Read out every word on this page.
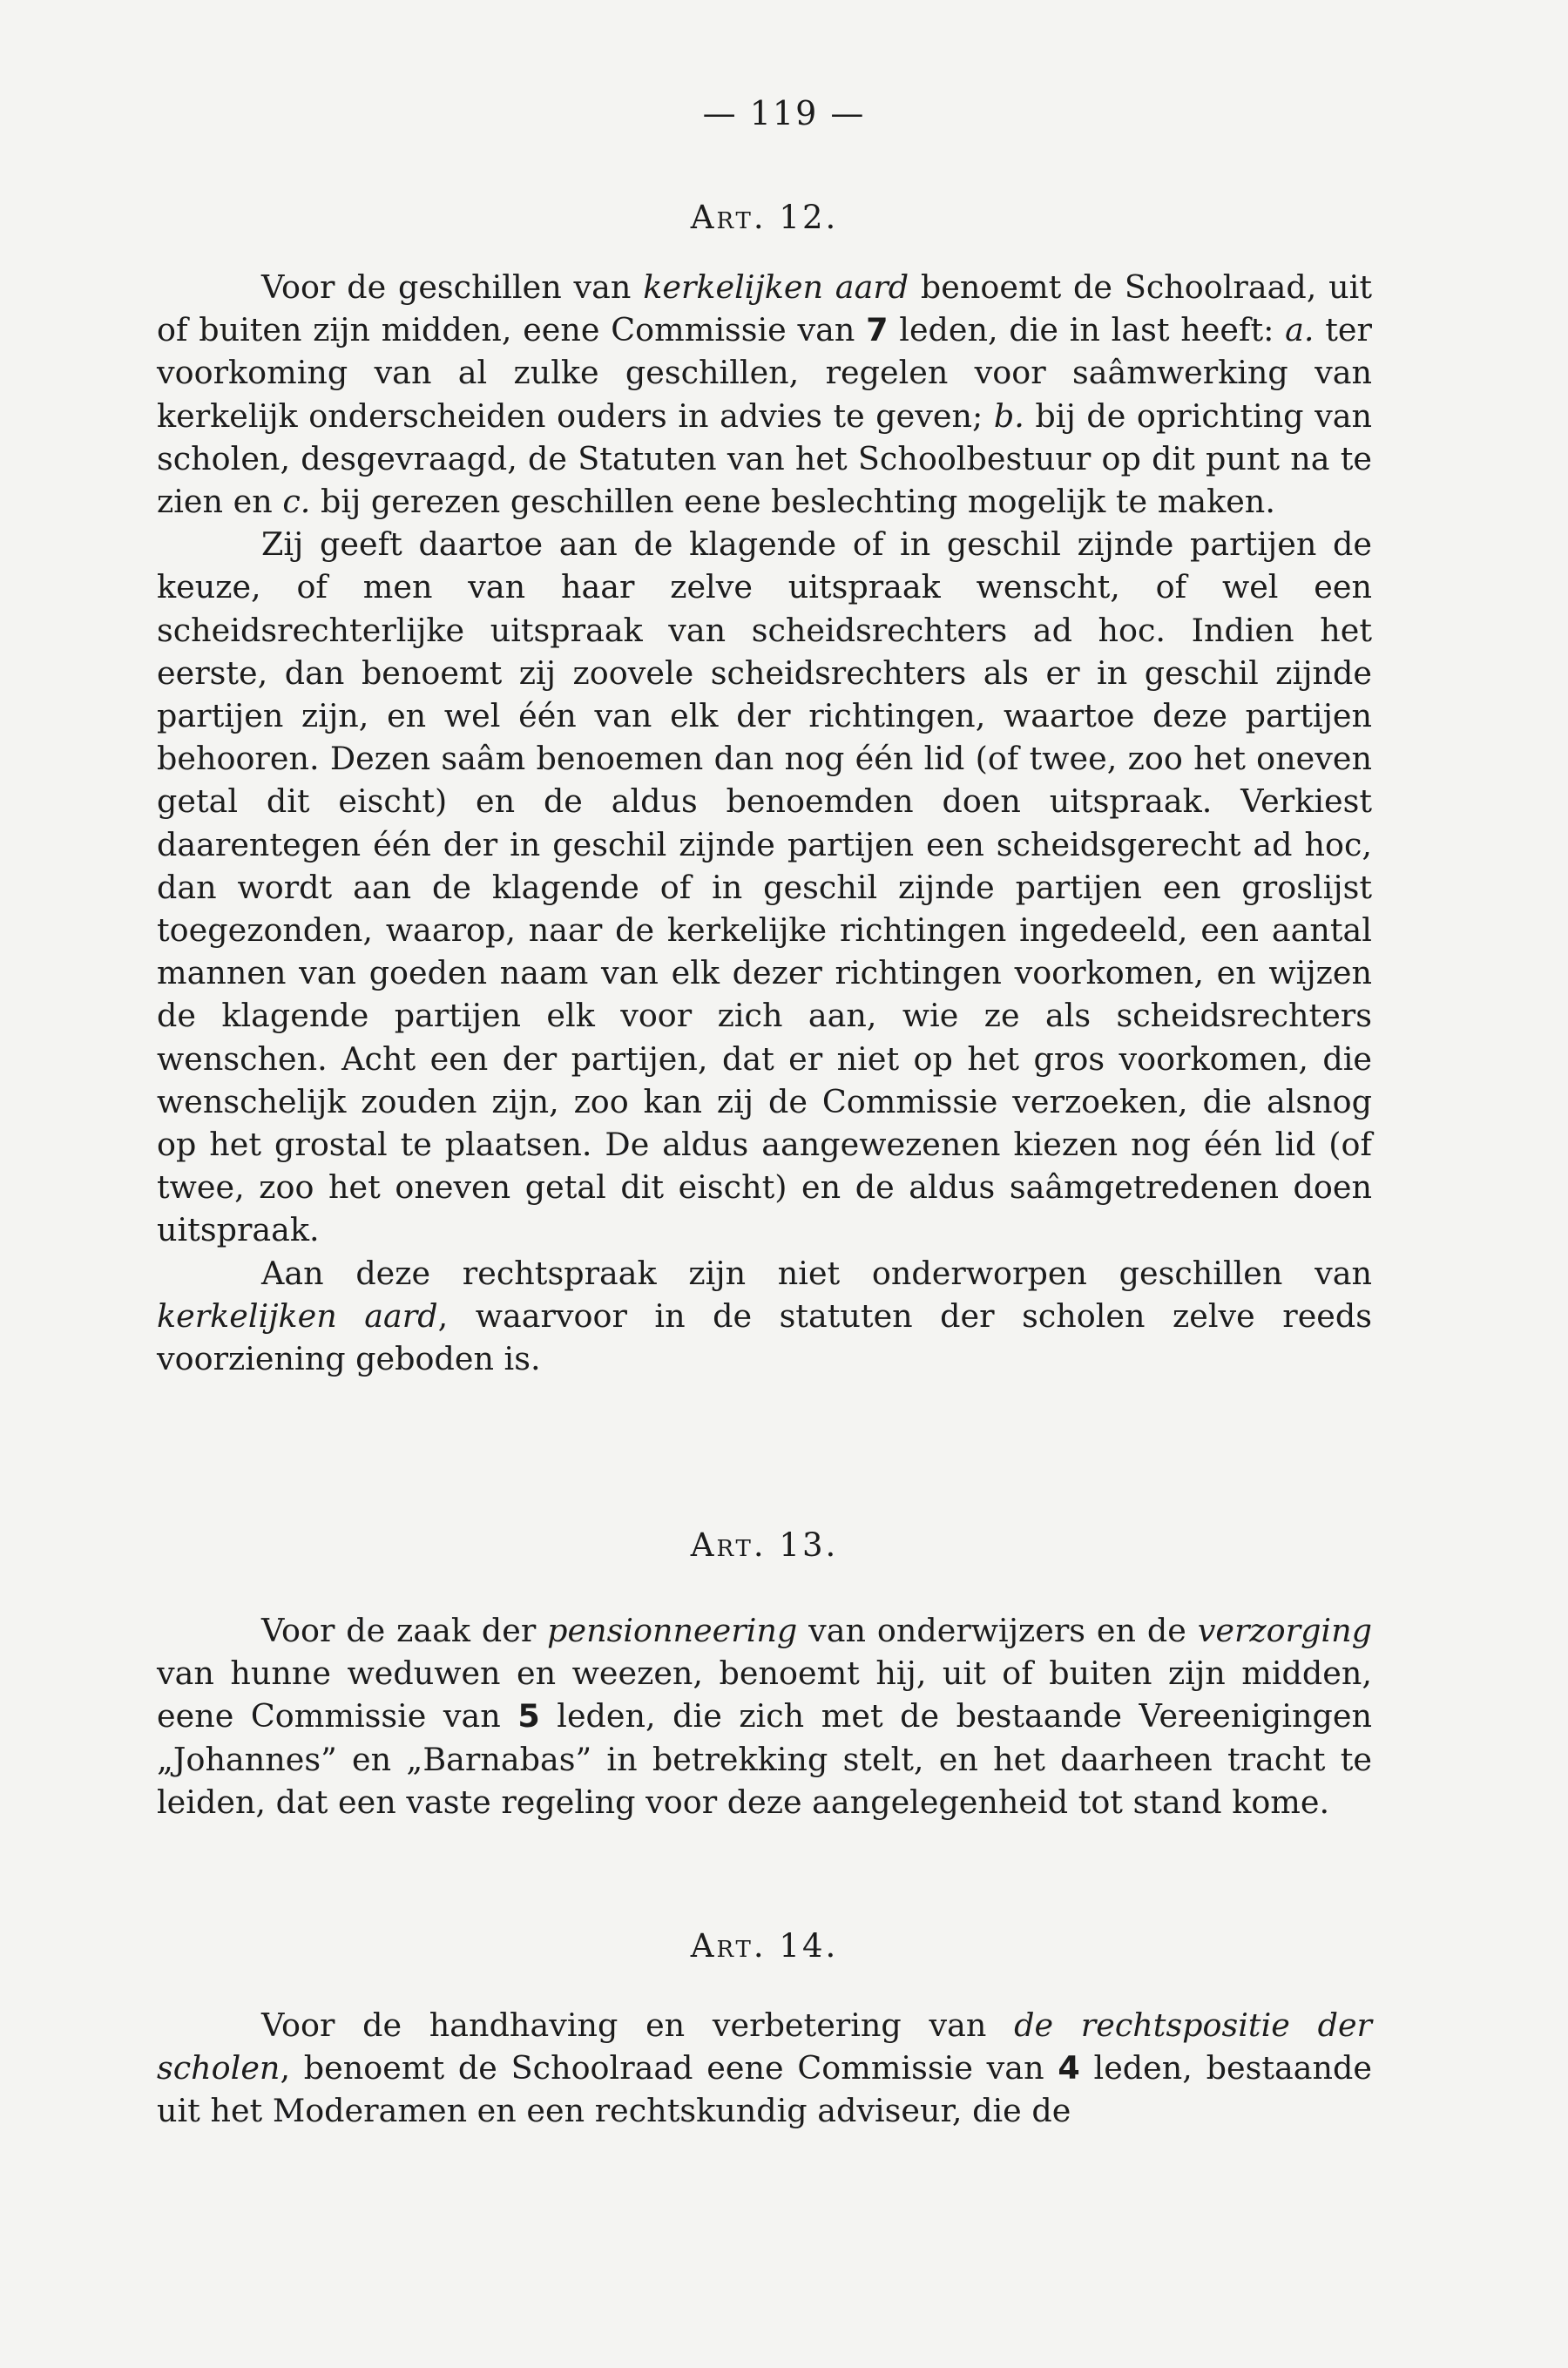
— 119 —
Art. 12.

Voor de geschillen van kerkelijken aard benoemt de Schoolraad, uit of buiten zijn midden, eene Commissie van 7 leden, die in last heeft: a. ter voorkoming van al zulke geschillen, regelen voor saâmwerking van kerkelijk onderscheiden ouders in advies te geven; b. bij de oprichting van scholen, desgevraagd, de Statuten van het Schoolbestuur op dit punt na te zien en c. bij gerezen geschillen eene beslechting mogelijk te maken.

Zij geeft daartoe aan de klagende of in geschil zijnde partijen de keuze, of men van haar zelve uitspraak wenscht, of wel een scheidsrechterlijke uitspraak van scheidsrechters ad hoc. Indien het eerste, dan benoemt zij zoovele scheidsrechters als er in geschil zijnde partijen zijn, en wel één van elk der richtingen, waartoe deze partijen behooren. Dezen saâm benoemen dan nog één lid (of twee, zoo het oneven getal dit eischt) en de aldus benoemden doen uitspraak. Verkiest daarentegen één der in geschil zijnde partijen een scheidsgerecht ad hoc, dan wordt aan de klagende of in geschil zijnde partijen een groslijst toegezonden, waarop, naar de kerkelijke richtingen ingedeeld, een aantal mannen van goeden naam van elk dezer richtingen voorkomen, en wijzen de klagende partijen elk voor zich aan, wie ze als scheidsrechters wenschen. Acht een der partijen, dat er niet op het gros voorkomen, die wenschelijk zouden zijn, zoo kan zij de Commissie verzoeken, die alsnog op het grostal te plaatsen. De aldus aangewezenen kiezen nog één lid (of twee, zoo het oneven getal dit eischt) en de aldus saâmgetredenen doen uitspraak.

Aan deze rechtspraak zijn niet onderworpen geschillen van kerkelijken aard, waarvoor in de statuten der scholen zelve reeds voorziening geboden is.

Art. 13.

Voor de zaak der pensionneering van onderwijzers en de verzorging van hunne weduwen en weezen, benoemt hij, uit of buiten zijn midden, eene Commissie van 5 leden, die zich met de bestaande Vereenigingen „Johannes” en „Barnabas” in betrekking stelt, en het daarheen tracht te leiden, dat een vaste regeling voor deze aangelegenheid tot stand kome.

Art. 14.

Voor de handhaving en verbetering van de rechtspositie der scholen, benoemt de Schoolraad eene Commissie van 4 leden, bestaande uit het Moderamen en een rechtskundig adviseur, die de
